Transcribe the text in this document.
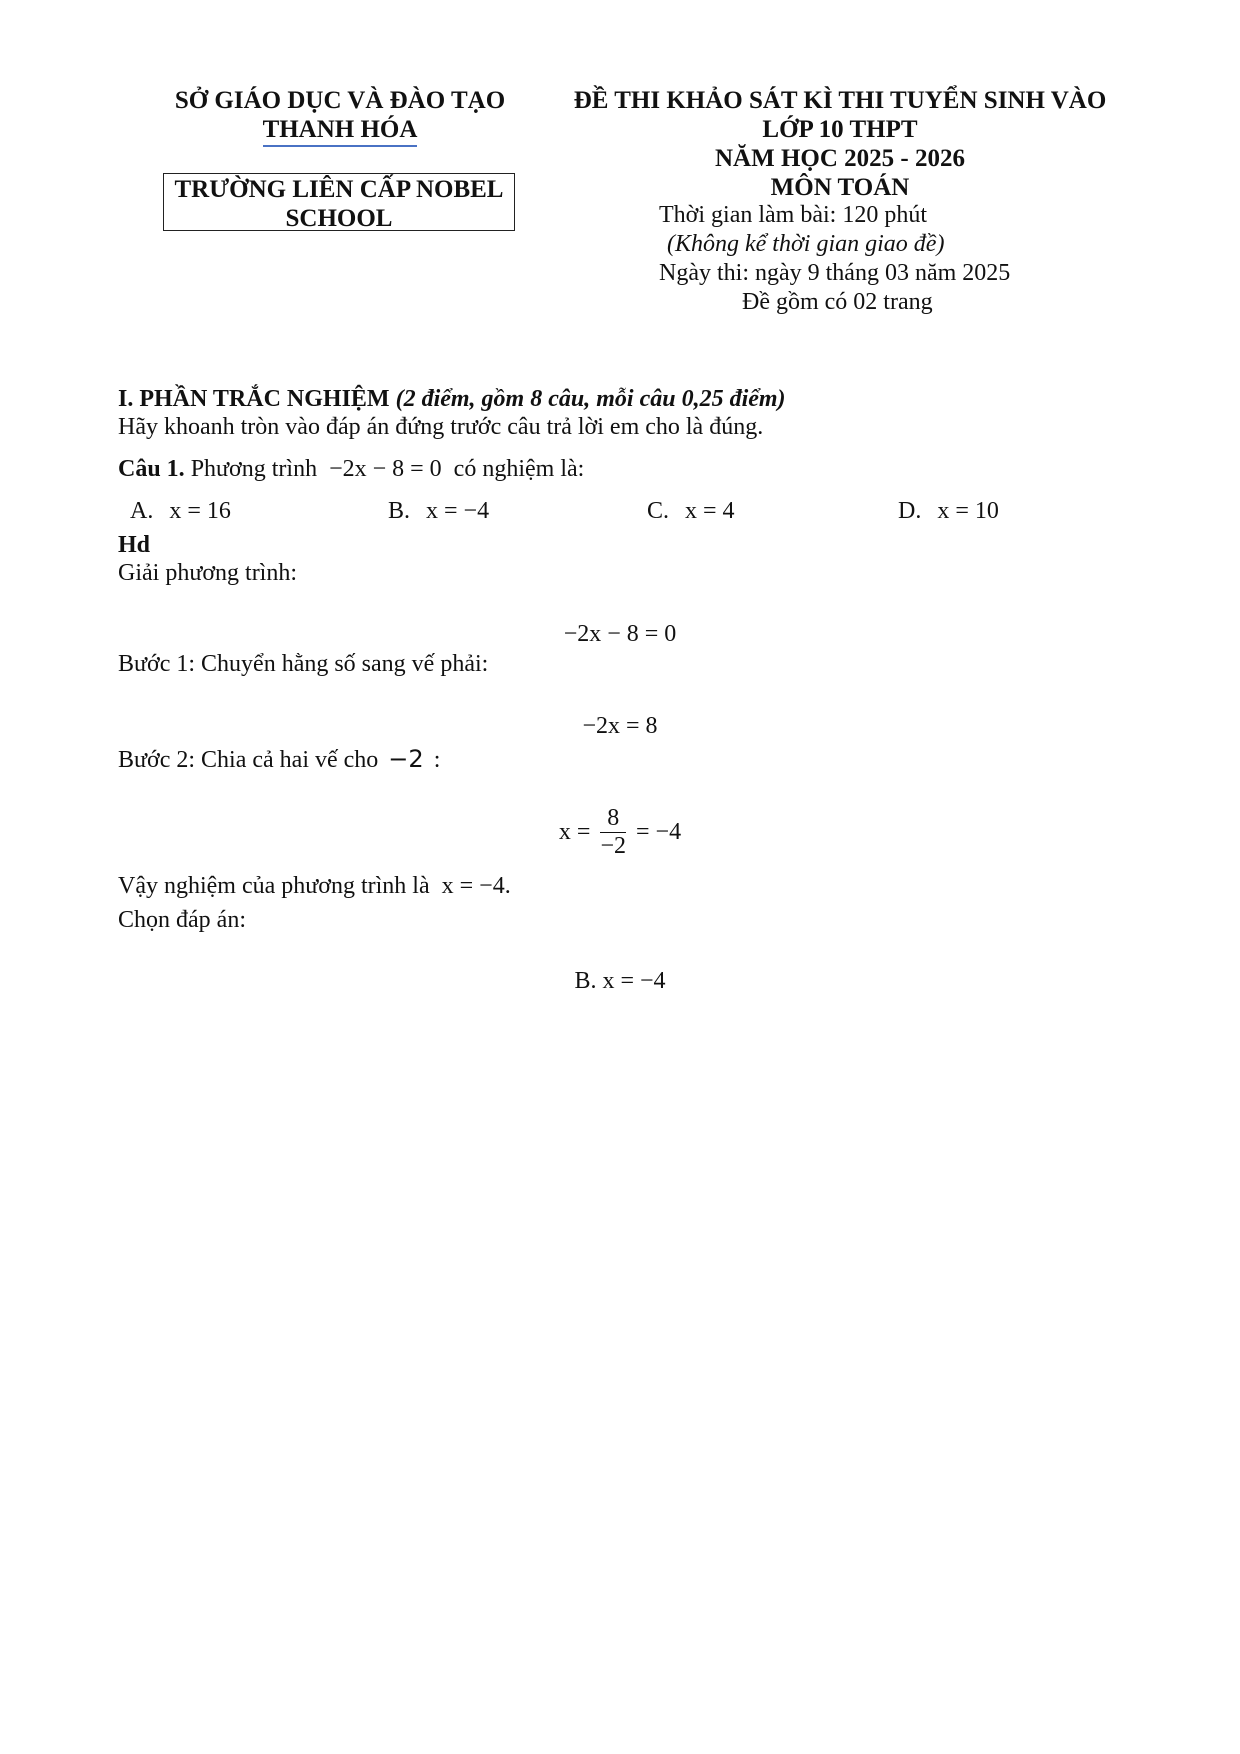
SỞ GIÁO DỤC VÀ ĐÀO TẠO
THANH HÓA
TRƯỜNG LIÊN CẤP NOBEL
SCHOOL
ĐỀ THI KHẢO SÁT KÌ THI TUYỂN SINH VÀO
LỚP 10 THPT
NĂM HỌC 2025 - 2026
MÔN TOÁN
Thời gian làm bài: 120 phút
(Không kể thời gian giao đề)
Ngày thi: ngày 9 tháng 03 năm 2025
Đề gồm có 02 trang
I. PHẦN TRẮC NGHIỆM (2 điểm, gồm 8 câu, mỗi câu 0,25 điểm)
Hãy khoanh tròn vào đáp án đứng trước câu trả lời em cho là đúng.
Câu 1. Phương trình −2x − 8 = 0 có nghiệm là:
A. x = 16	B. x = −4	C. x = 4	D. x = 10
Hd
Giải phương trình:
−2x − 8 = 0
Bước 1: Chuyển hằng số sang vế phải:
−2x = 8
Bước 2: Chia cả hai vế cho −2 :
$x = \frac{8}{-2} = -4$
Vậy nghiệm của phương trình là x = −4.
Chọn đáp án:
B. x = −4
